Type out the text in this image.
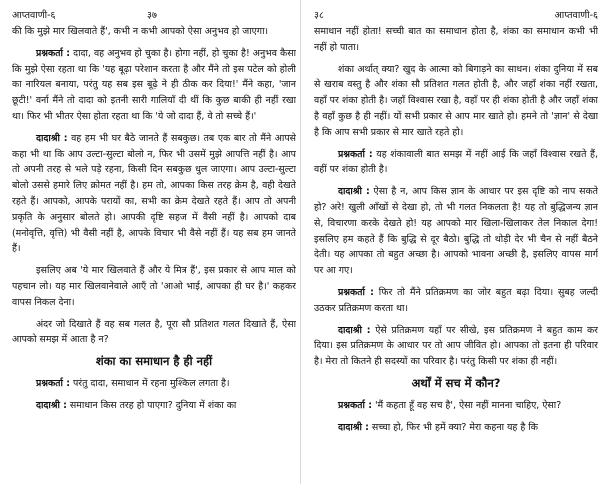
आप्तवाणी-६	३७

की कि मुझे मार खिलवाते हैं', कभी न कभी आपको ऐसा अनुभव हो जाएगा।

प्रश्नकर्ता : दादा, वह अनुभव हो चुका है। होगा नहीं, हो चुका है! अनुभव कैसा कि मुझे ऐसा रहता था कि 'यह बूढ़ा परेशान करता है और मैंने तो इस पटेल को होली का नारियल बनाया, परंतु यह सब इस बूढ़े ने ही ठीक कर दिया!' मैंने कहा, 'जान छूटी!' वर्ना मैंने तो दादा को इतनी सारी गालियाँ दी थीं कि कुछ बाकी ही नहीं रखा था। फिर भी भीतर ऐसा होता रहता था कि 'ये जो दादा हैं, वे तो सच्चे हैं।'

दादाश्री : वह हम भी घर बैठे जानते हैं सबकुछ। तब एक बार तो मैंने आपसे कहा भी था कि आप उल्टा-सुल्टा बोलो न, फिर भी उसमें मुझे आपत्ति नहीं है। आप तो अपनी तरह से भले पड़े रहना, किसी दिन सबकुछ धुल जाएगा। आप उल्टा-सुल्टा बोलो उससे हमारे लिए क्रोमत नहीं है। हम तो, आपका किस तरह क्रेम है, वही देखते रहते हैं। आपको, आपके परायों का, सभी का क्रेम देखते रहते हैं। आप तो अपनी प्रकृति के अनुसार बोलते हो। आपकी दृष्टि सहज में वैसी नहीं है। आपको दाब (मनोवृत्ति, वृत्ति) भी वैसी नहीं है, आपके विचार भी वैसे नहीं हैं। यह सब हम जानते हैं।

इसलिए अब 'ये मार खिलवाते हैं और ये मित्र हैं', इस प्रकार से आप माल को पहचान लो। यह मार खिलवानेवाले आएँ तो 'आओ भाई, आपका ही घर है।' कहकर वापस निकल देना।

अंदर जो दिखाते हैं वह सब गलत है, पूरा सौ प्रतिशत गलत दिखाते हैं, ऐसा आपको समझ में आता है न?

शंका का समाधान है ही नहीं

प्रश्नकर्ता : परंतु दादा, समाधान में रहना मुश्किल लगता है।

दादाश्री : समाधान किस तरह हो पाएगा? दुनिया में शंका का

३८	आप्तवाणी-६

समाधान नहीं होता! सच्ची बात का समाधान होता है, शंका का समाधान कभी भी नहीं हो पाता।

शंका अर्थात् क्या? खुद के आत्मा को बिगाड़ने का साधन। शंका दुनिया में सब से खराब वस्तु है और शंका सौ प्रतिशत गलत होती है, और जहाँ शंका नहीं रखता, वहाँ पर शंका होती है। जहाँ विश्वास रखा है, वहाँ पर ही शंका होती है और जहाँ शंका है वहाँ कुछ है ही नहीं। यों सभी प्रकार से आप मार खाते हो। हमने तो 'ज्ञान' से देखा है कि आप सभी प्रकार से मार खाते रहते हो।

प्रश्नकर्ता : यह शंकावाली बात समझ में नहीं आई कि जहाँ विश्वास रखते हैं, वहीं पर शंका होती है।

दादाश्री : ऐसा है न, आप किस ज्ञान के आधार पर इस दृष्टि को नाप सकते हो? अरे! खुली आँखों से देखा हो, तो भी गलत निकलता है! यह तो बुद्धिजन्य ज्ञान से, विचारणा करके देखते हो! यह आपको मार खिला-खिलाकर तेल निकाल देगा! इसलिए हम कहते हैं कि बुद्धि से दूर बैठो। बुद्धि तो थोड़ी देर भी चैन से नहीं बैठने देती। यह आपका तो बहुत अच्छा है। आपको भावना अच्छी है, इसलिए वापस मार्ग पर आ गए।

प्रश्नकर्ता : फिर तो मैंने प्रतिक्रमण का जोर बहुत बढ़ा दिया। सुबह जल्दी उठकर प्रतिक्रमण करता था।

दादाश्री : ऐसे प्रतिक्रमण यहाँ पर सीखे, इस प्रतिक्रमण ने बहुत काम कर दिया। इस प्रतिक्रमण के आधार पर तो आप जीवित हो। आपका तो इतना ही परिवार है। मेरा तो कितने ही सदस्यों का परिवार है। परंतु किसी पर शंका ही नहीं।

अर्थों में सच में कौन?

प्रश्नकर्ता : 'मैं कहता हूँ वह सच है', ऐसा नहीं मानना चाहिए, ऐसा?

दादाश्री : सच्चा हो, फिर भी हमें क्या? मेरा कहना यह है कि
